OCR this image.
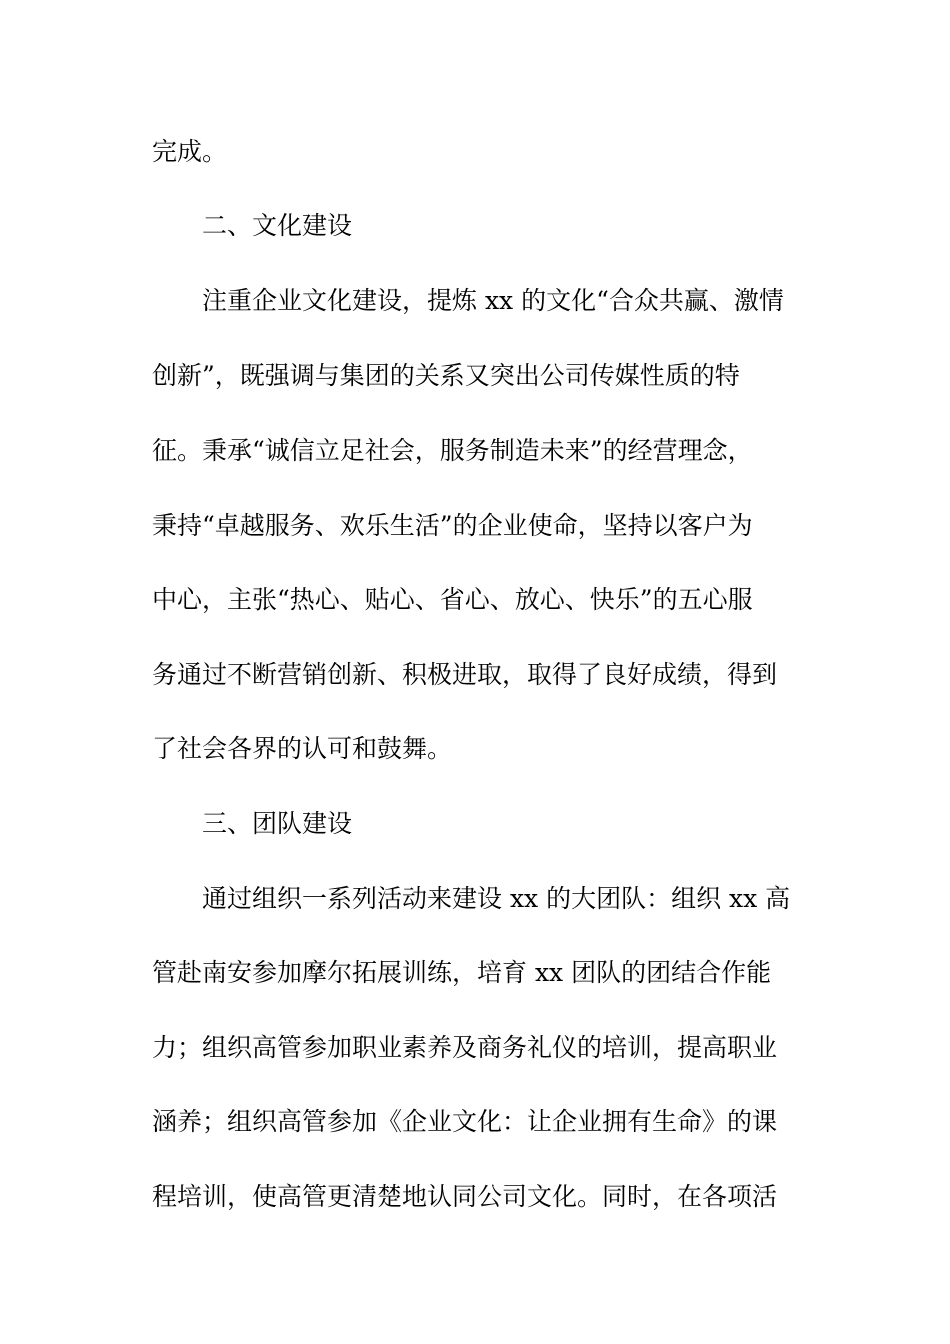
完成。
二、文化建设
注重企业文化建设，提炼 xx 的文化“合众共赢、激情
创新”，既强调与集团的关系又突出公司传媒性质的特
征。秉承“诚信立足社会，服务制造未来”的经营理念，
秉持“卓越服务、欢乐生活”的企业使命，坚持以客户为
中心，主张“热心、贴心、省心、放心、快乐”的五心服
务通过不断营销创新、积极进取，取得了良好成绩，得到
了社会各界的认可和鼓舞。
三、团队建设
通过组织一系列活动来建设 xx 的大团队：组织 xx 高
管赴南安参加摩尔拓展训练，培育 xx 团队的团结合作能
力；组织高管参加职业素养及商务礼仪的培训，提高职业
涵养；组织高管参加《企业文化：让企业拥有生命》的课
程培训，使高管更清楚地认同公司文化。同时，在各项活
